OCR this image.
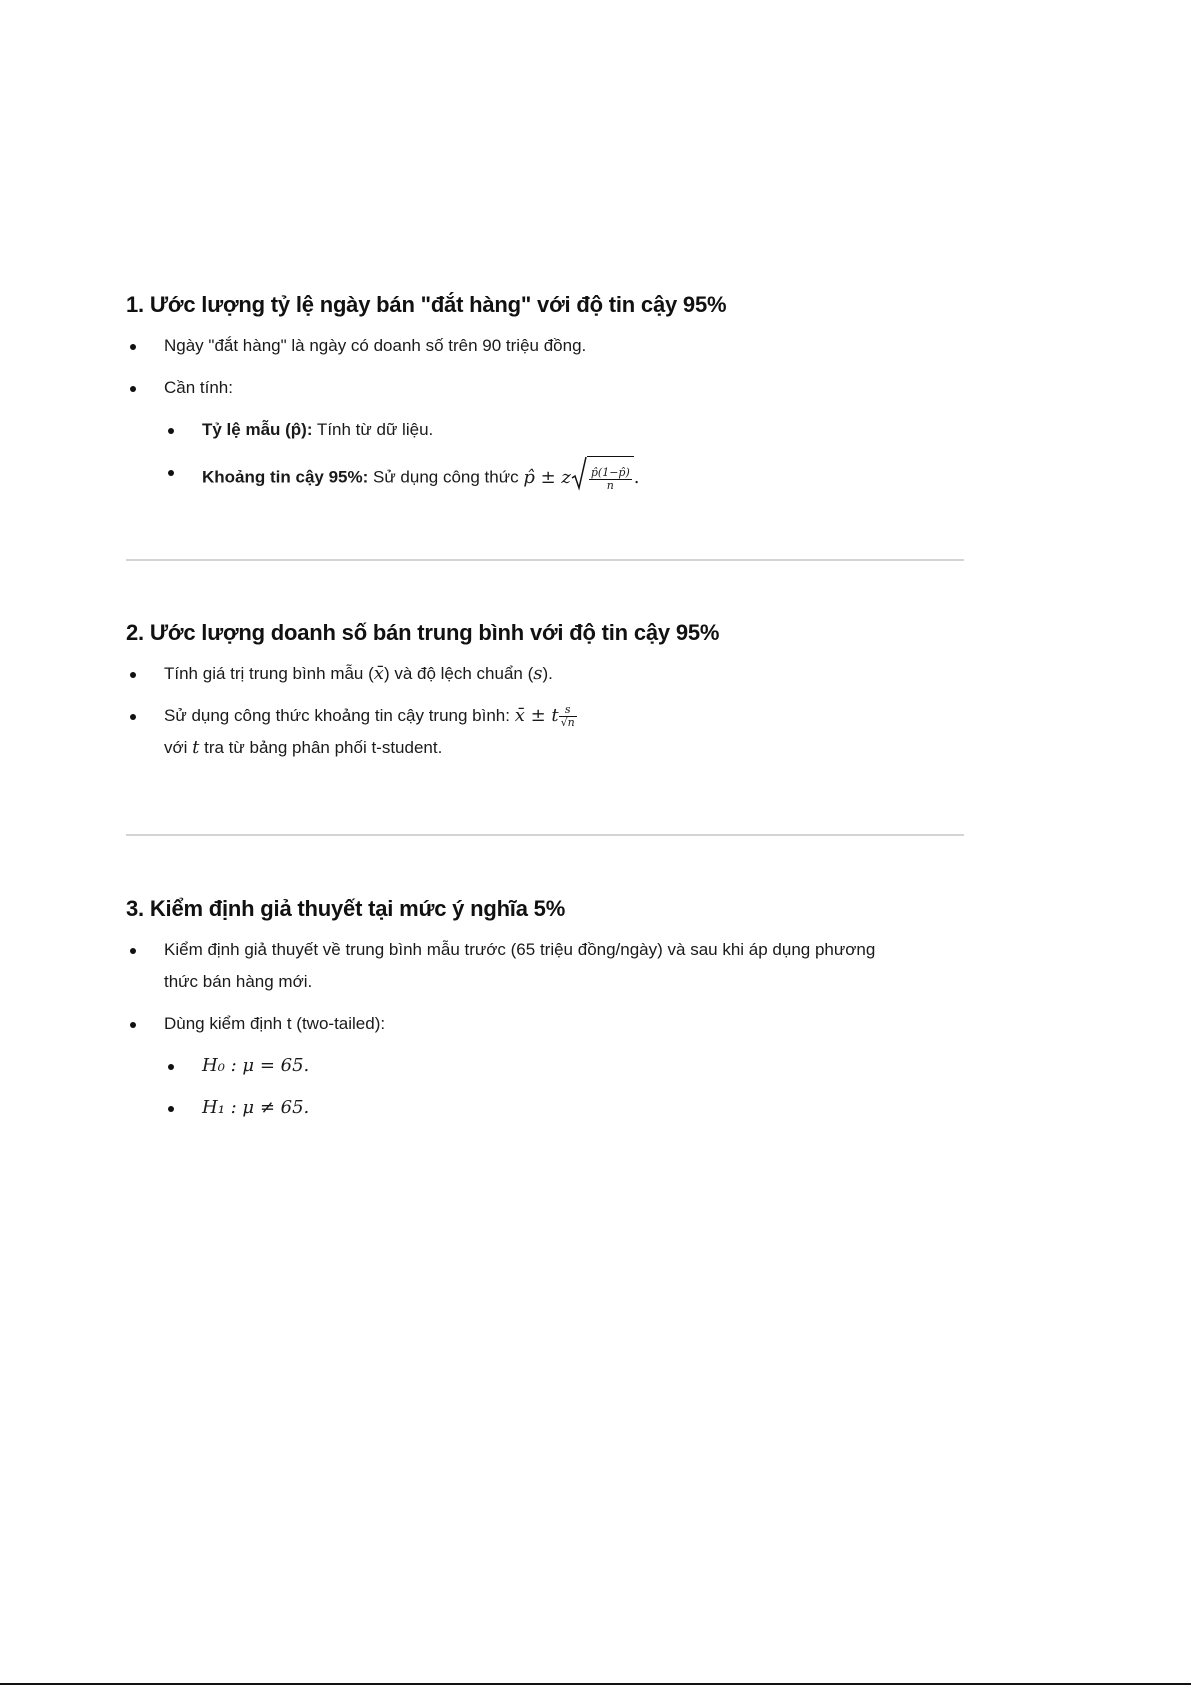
1. Ước lượng tỷ lệ ngày bán "đắt hàng" với độ tin cậy 95%
Ngày "đắt hàng" là ngày có doanh số trên 90 triệu đồng.
Cần tính:
Tỷ lệ mẫu (p̂): Tính từ dữ liệu.
Khoảng tin cậy 95%: Sử dụng công thức p̂ ± z $\frac{p̂(1-p̂)}{n}$ .
2. Ước lượng doanh số bán trung bình với độ tin cậy 95%
Tính giá trị trung bình mẫu (x̄) và độ lệch chuẩn (s).
Sử dụng công thức khoảng tin cậy trung bình: x̄ ± t $\frac{s}{√n}$
với t tra từ bảng phân phối t-student.
3. Kiểm định giả thuyết tại mức ý nghĩa 5%
Kiểm định giả thuyết về trung bình mẫu trước (65 triệu đồng/ngày) và sau khi áp dụng phương
thức bán hàng mới.
Dùng kiểm định t (two-tailed):
H₀ : μ = 65.
H₁ : μ ≠ 65.
